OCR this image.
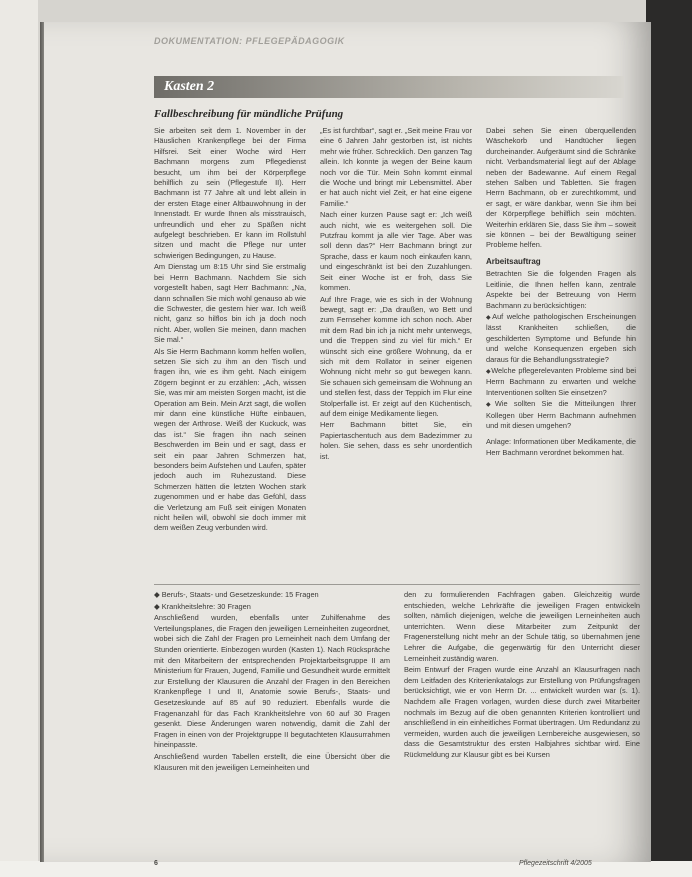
DOKUMENTATION: PFLEGEPÄDAGOGIK
Kasten 2
Fallbeschreibung für mündliche Prüfung

Sie arbeiten seit dem 1. November in der Häuslichen Krankenpflege bei der Firma Hilfsrei. Seit einer Woche wird Herr Bachmann morgens zum Pflegedienst besucht, um ihm bei der Körperpflege behilflich zu sein (Pflegestufe II). Herr Bachmann ist 77 Jahre alt und lebt allein in der ersten Etage einer Altbauwohnung in der Innenstadt. Er wurde Ihnen als misstrauisch, unfreundlich und eher zu Späßen nicht aufgelegt beschrieben. Er kann im Rollstuhl sitzen und macht die Pflege nur unter schwierigen Bedingungen, zu Hause.

Am Dienstag um 8:15 Uhr sind Sie erstmalig bei Herrn Bachmann. Nachdem Sie sich vorgestellt haben, sagt Herr Bachmann: „Na, dann schnallen Sie mich wohl genauso ab wie die Schwester, die gestern hier war. Ich weiß nicht, ganz so hilflos bin ich ja doch noch nicht. Aber, wollen Sie meinen, dann machen Sie mal.“

Als Sie Herrn Bachmann komm helfen wollen, setzen Sie sich zu ihm an den Tisch und fragen ihn, wie es ihm geht. Nach einigem Zögern beginnt er zu erzählen: „Ach, wissen Sie, was mir am meisten Sorgen macht, ist die Operation am Bein. Mein Arzt sagt, die wollen mir dann eine künstliche Hüfte einbauen, wegen der Arthrose. Weiß der Kuckuck, was das ist.“ Sie fragen ihn nach seinen Beschwerden im Bein und er sagt, dass er seit ein paar Jahren Schmerzen hat, besonders beim Aufstehen und Laufen, später jedoch auch im Ruhezustand. Diese Schmerzen hätten die letzten Wochen stark zugenommen und er habe das Gefühl, dass die Verletzung am Fuß seit einigen Monaten nicht heilen will, obwohl sie doch immer mit dem weißen Zeug verbunden wird.

„Es ist furchtbar“, sagt er. „Seit meine Frau vor eine 6 Jahren Jahr gestorben ist, ist nichts mehr wie früher. Schrecklich. Den ganzen Tag allein. Ich konnte ja wegen der Beine kaum noch vor die Tür. Mein Sohn kommt einmal die Woche und bringt mir Lebensmittel. Aber er hat auch nicht viel Zeit, er hat eine eigene Familie.“

Nach einer kurzen Pause sagt er: „Ich weiß auch nicht, wie es weitergehen soll. Die Putzfrau kommt ja alle vier Tage. Aber was soll denn das?“ Herr Bachmann bringt zur Sprache, dass er kaum noch einkaufen kann, und eingeschränkt ist bei den Zuzahlungen. Seit einer Woche ist er froh, dass Sie kommen.

Auf Ihre Frage, wie es sich in der Wohnung bewegt, sagt er: „Da draußen, wo Bett und zum Fernseher komme ich schon noch. Aber mit dem Rad bin ich ja nicht mehr unterwegs, und die Treppen sind zu viel für mich.“ Er wünscht sich eine größere Wohnung, da er sich mit dem Rollator in seiner eigenen Wohnung nicht mehr so gut bewegen kann. Sie schauen sich gemeinsam die Wohnung an und stellen fest, dass der Teppich im Flur eine Stolperfalle ist. Er zeigt auf den Küchentisch, auf dem einige Medikamente liegen.

Herr Bachmann bittet Sie, ein Papiertaschentuch aus dem Badezimmer zu holen. Sie sehen, dass es sehr unordentlich ist.

Dabei sehen Sie einen überquellenden Wäschekorb und Handtücher liegen durcheinander. Aufgeräumt sind die Schränke nicht. Verbandsmaterial liegt auf der Ablage neben der Badewanne. Auf einem Regal stehen Salben und Tabletten. Sie fragen Herrn Bachmann, ob er zurechtkommt, und er sagt, er wäre dankbar, wenn Sie ihm bei der Körperpflege behilflich sein möchten. Weiterhin erklären Sie, dass Sie ihm – soweit sie können – bei der Bewältigung seiner Probleme helfen.

Arbeitsauftrag

Betrachten Sie die folgenden Fragen als Leitlinie, die Ihnen helfen kann, zentrale Aspekte bei der Betreuung von Herrn Bachmann zu berücksichtigen:

◆ Auf welche pathologischen Erscheinungen lässt Krankheiten schließen, die geschilderten Symptome und Befunde hin und welche Konsequenzen ergeben sich daraus für die Behandlungsstrategie?

◆ Welche pflegerelevanten Probleme sind bei Herrn Bachmann zu erwarten und welche Interventionen sollten Sie einsetzen?

◆ Wie sollten Sie die Mitteilungen Ihrer Kollegen über Herrn Bachmann aufnehmen und mit diesen umgehen?

Anlage: Informationen über Medikamente, die Herr Bachmann verordnet bekommen hat.

◆ Berufs-, Staats- und Gesetzeskunde: 15 Fragen

◆ Krankheitslehre: 30 Fragen

Anschließend wurden, ebenfalls unter Zuhilfenahme des Verteilungsplanes, die Fragen den jeweiligen Lerneinheiten zugeordnet, wobei sich die Zahl der Fragen pro Lerneinheit nach dem Umfang der Stunden orientierte. Einbezogen wurden (Kasten 1). Nach Rückspräche mit den Mitarbeitern der entsprechenden Projektarbeitsgruppe II am Ministerium für Frauen, Jugend, Familie und Gesundheit wurde ermittelt zur Erstellung der Klausuren die Anzahl der Fragen in den Bereichen Krankenpflege I und II, Anatomie sowie Berufs-, Staats- und Gesetzeskunde auf 85 auf 90 reduziert. Ebenfalls wurde die Fragenanzahl für das Fach Krankheitslehre von 60 auf 30 Fragen gesenkt. Diese Änderungen waren notwendig, damit die Zahl der Fragen in einen von der Projektgruppe II begutachteten Klausurrahmen hineinpasste.

Anschließend wurden Tabellen erstellt, die eine Übersicht über die Klausuren mit den jeweiligen Lerneinheiten und

den zu formulierenden Fachfragen gaben. Gleichzeitig wurde entschieden, welche Lehrkräfte die jeweiligen Fragen entwickeln sollten, nämlich diejenigen, welche die jeweiligen Lerneinheiten auch unterrichten. Wenn diese Mitarbeiter zum Zeitpunkt der Fragenerstellung nicht mehr an der Schule tätig, so übernahmen jene Lehrer die Aufgabe, die gegenwärtig für den Unterricht dieser Lerneinheit zuständig waren.

Beim Entwurf der Fragen wurde eine Anzahl an Klausurfragen nach dem Leitfaden des Kriterienkatalogs zur Erstellung von Prüfungsfragen berücksichtigt, wie er von Herrn Dr. ... entwickelt wurden war (s. 1). Nachdem alle Fragen vorlagen, wurden diese durch zwei Mitarbeiter nochmals im Bezug auf die oben genannten Kriterien kontrolliert und anschließend in ein einheitliches Format übertragen. Um Redundanz zu vermeiden, wurden auch die jeweiligen Lernbereiche ausgewiesen, so dass die Gesamtstruktur des ersten Halbjahres sichtbar wird. Eine Rückmeldung zur Klausur gibt es bei Kursen

6	Pflegezeitschrift 4/2005
